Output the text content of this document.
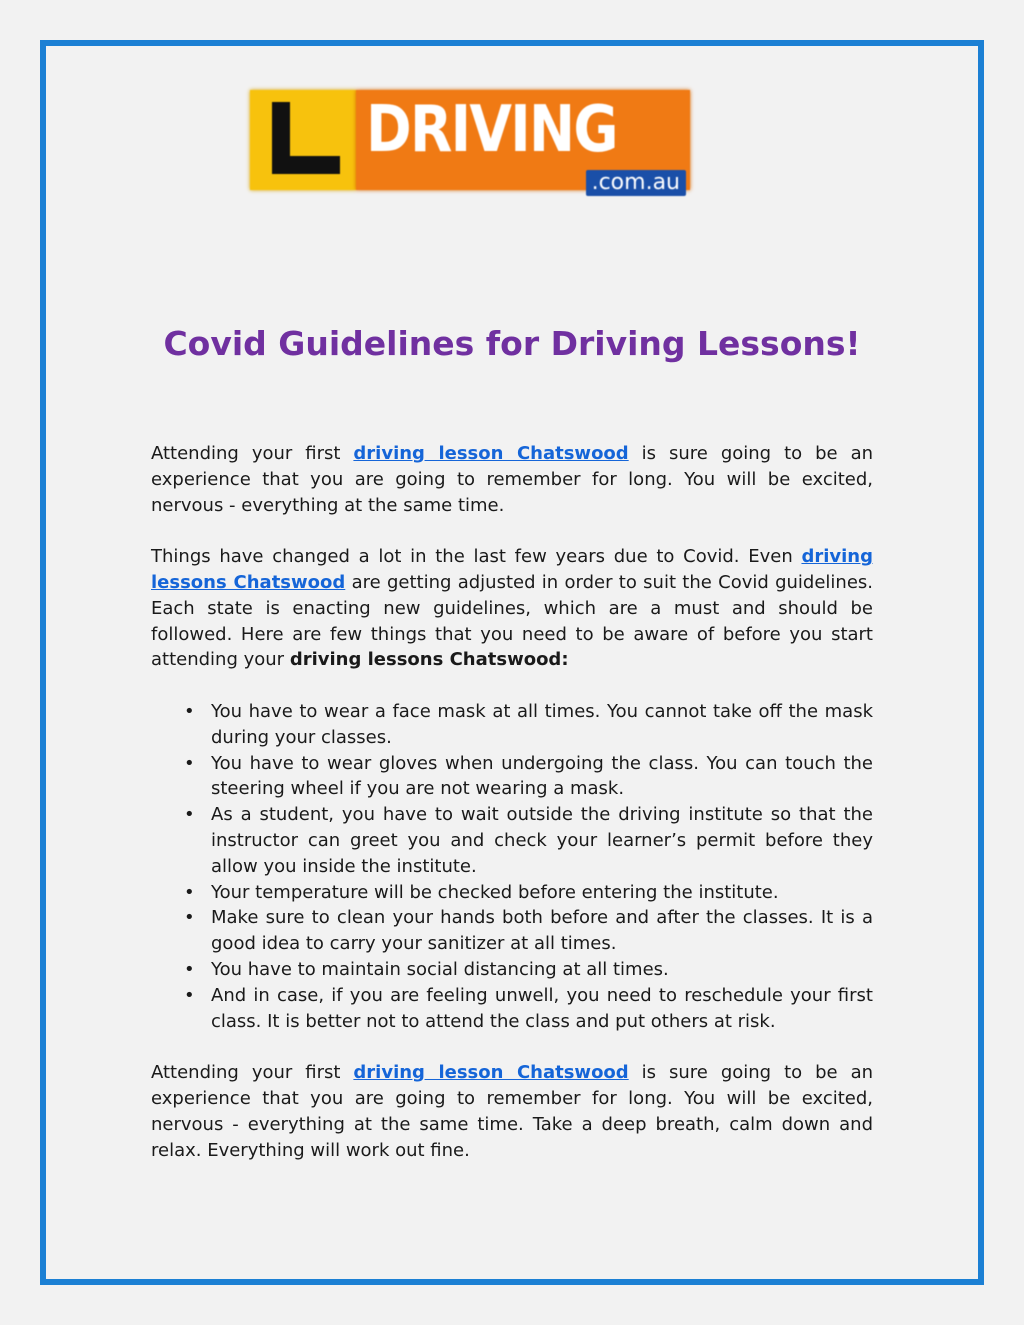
DRIVING
.com.au
Covid Guidelines for Driving Lessons!

Attending your first driving lesson Chatswood is sure going to be an experience that you are going to remember for long. You will be excited, nervous - everything at the same time.

Things have changed a lot in the last few years due to Covid. Even driving lessons Chatswood are getting adjusted in order to suit the Covid guidelines. Each state is enacting new guidelines, which are a must and should be followed. Here are few things that you need to be aware of before you start attending your driving lessons Chatswood:

• You have to wear a face mask at all times. You cannot take off the mask during your classes.
• You have to wear gloves when undergoing the class. You can touch the steering wheel if you are not wearing a mask.
• As a student, you have to wait outside the driving institute so that the instructor can greet you and check your learner’s permit before they allow you inside the institute.
• Your temperature will be checked before entering the institute.
• Make sure to clean your hands both before and after the classes. It is a good idea to carry your sanitizer at all times.
• You have to maintain social distancing at all times.
• And in case, if you are feeling unwell, you need to reschedule your first class. It is better not to attend the class and put others at risk.

Attending your first driving lesson Chatswood is sure going to be an experience that you are going to remember for long. You will be excited, nervous - everything at the same time. Take a deep breath, calm down and relax. Everything will work out fine.
